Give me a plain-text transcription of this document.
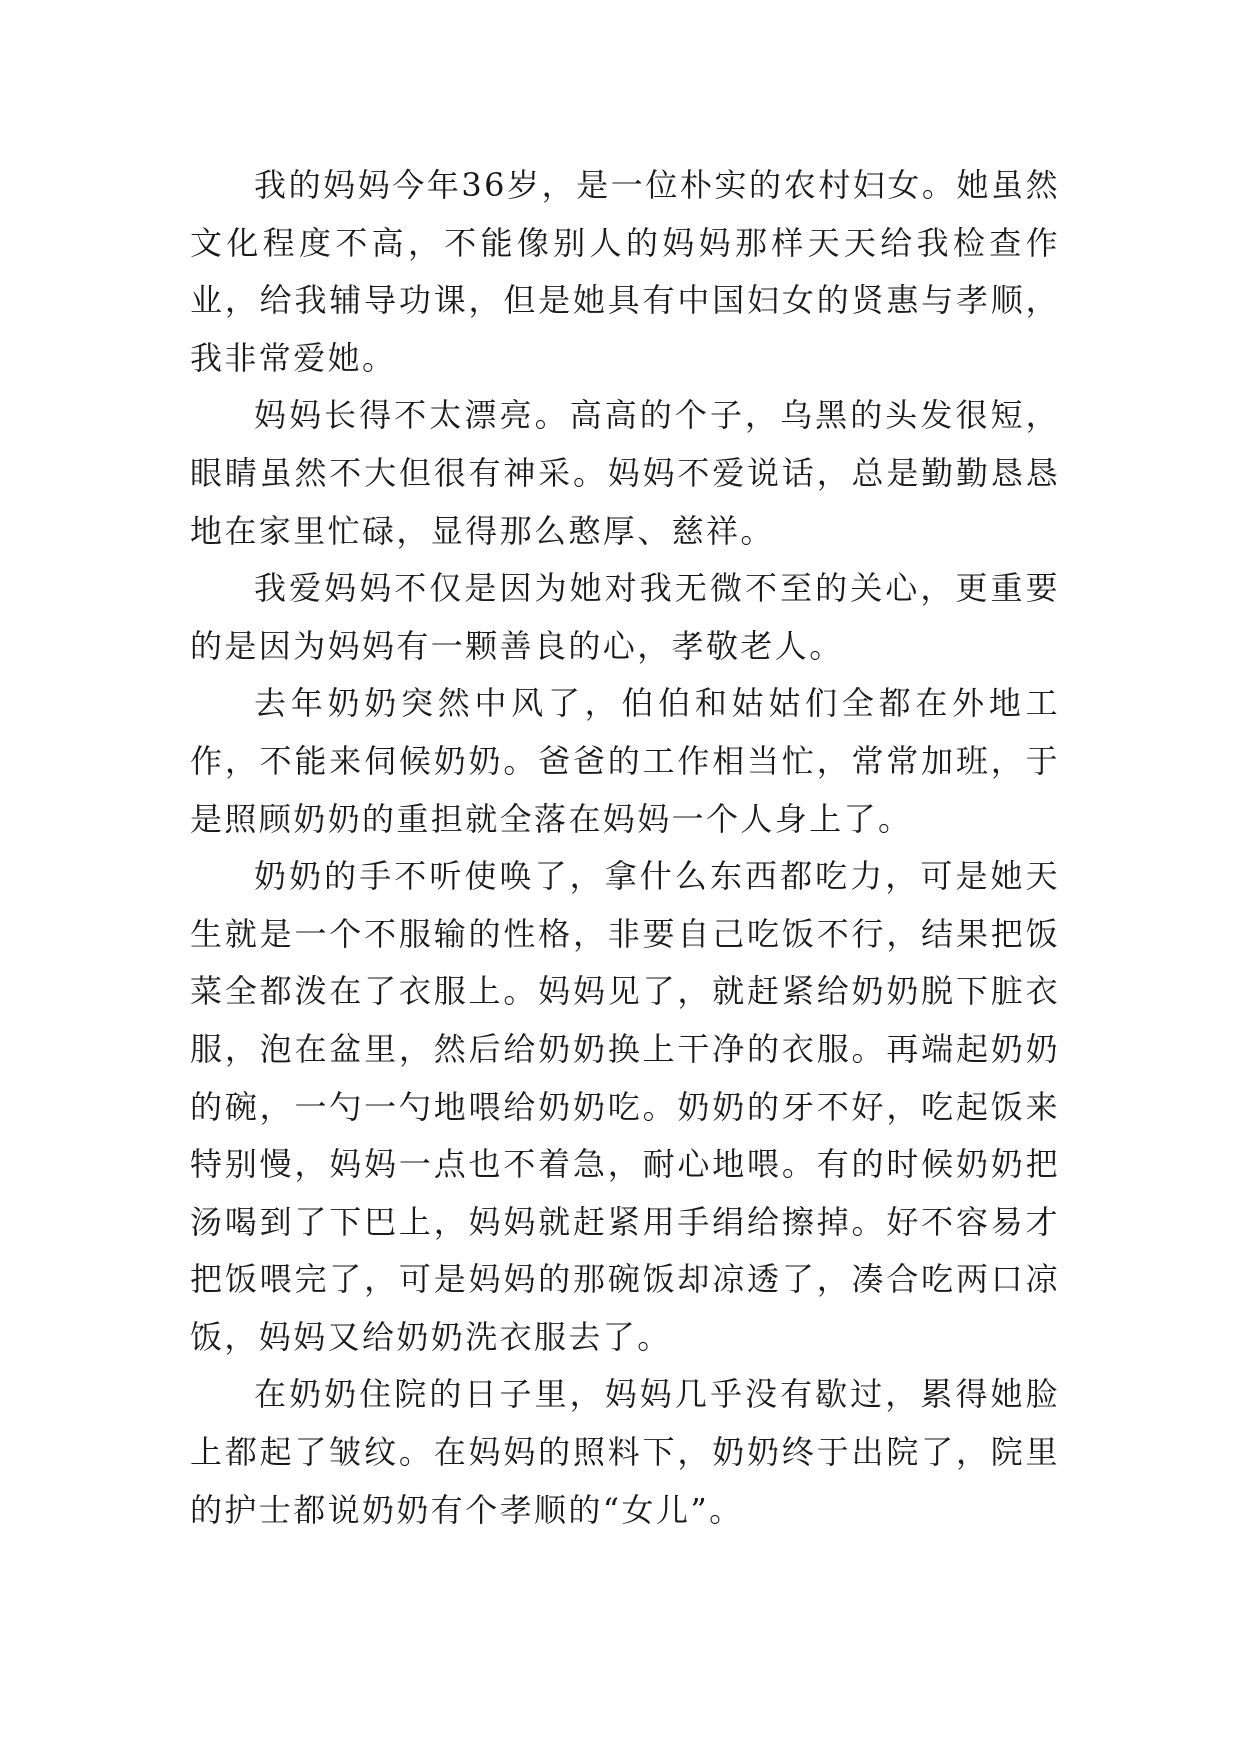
我的妈妈今年36岁，是一位朴实的农村妇女。她虽然文化程度不高，不能像别人的妈妈那样天天给我检查作业，给我辅导功课，但是她具有中国妇女的贤惠与孝顺，我非常爱她。

妈妈长得不太漂亮。高高的个子，乌黑的头发很短，眼睛虽然不大但很有神采。妈妈不爱说话，总是勤勤恳恳地在家里忙碌，显得那么憨厚、慈祥。

我爱妈妈不仅是因为她对我无微不至的关心，更重要的是因为妈妈有一颗善良的心，孝敬老人。

去年奶奶突然中风了，伯伯和姑姑们全都在外地工作，不能来伺候奶奶。爸爸的工作相当忙，常常加班，于是照顾奶奶的重担就全落在妈妈一个人身上了。

奶奶的手不听使唤了，拿什么东西都吃力，可是她天生就是一个不服输的性格，非要自己吃饭不行，结果把饭菜全都泼在了衣服上。妈妈见了，就赶紧给奶奶脱下脏衣服，泡在盆里，然后给奶奶换上干净的衣服。再端起奶奶的碗，一勺一勺地喂给奶奶吃。奶奶的牙不好，吃起饭来特别慢，妈妈一点也不着急，耐心地喂。有的时候奶奶把汤喝到了下巴上，妈妈就赶紧用手绢给擦掉。好不容易才把饭喂完了，可是妈妈的那碗饭却凉透了，凑合吃两口凉饭，妈妈又给奶奶洗衣服去了。

在奶奶住院的日子里，妈妈几乎没有歇过，累得她脸上都起了皱纹。在妈妈的照料下，奶奶终于出院了，院里的护士都说奶奶有个孝顺的“女儿”。
